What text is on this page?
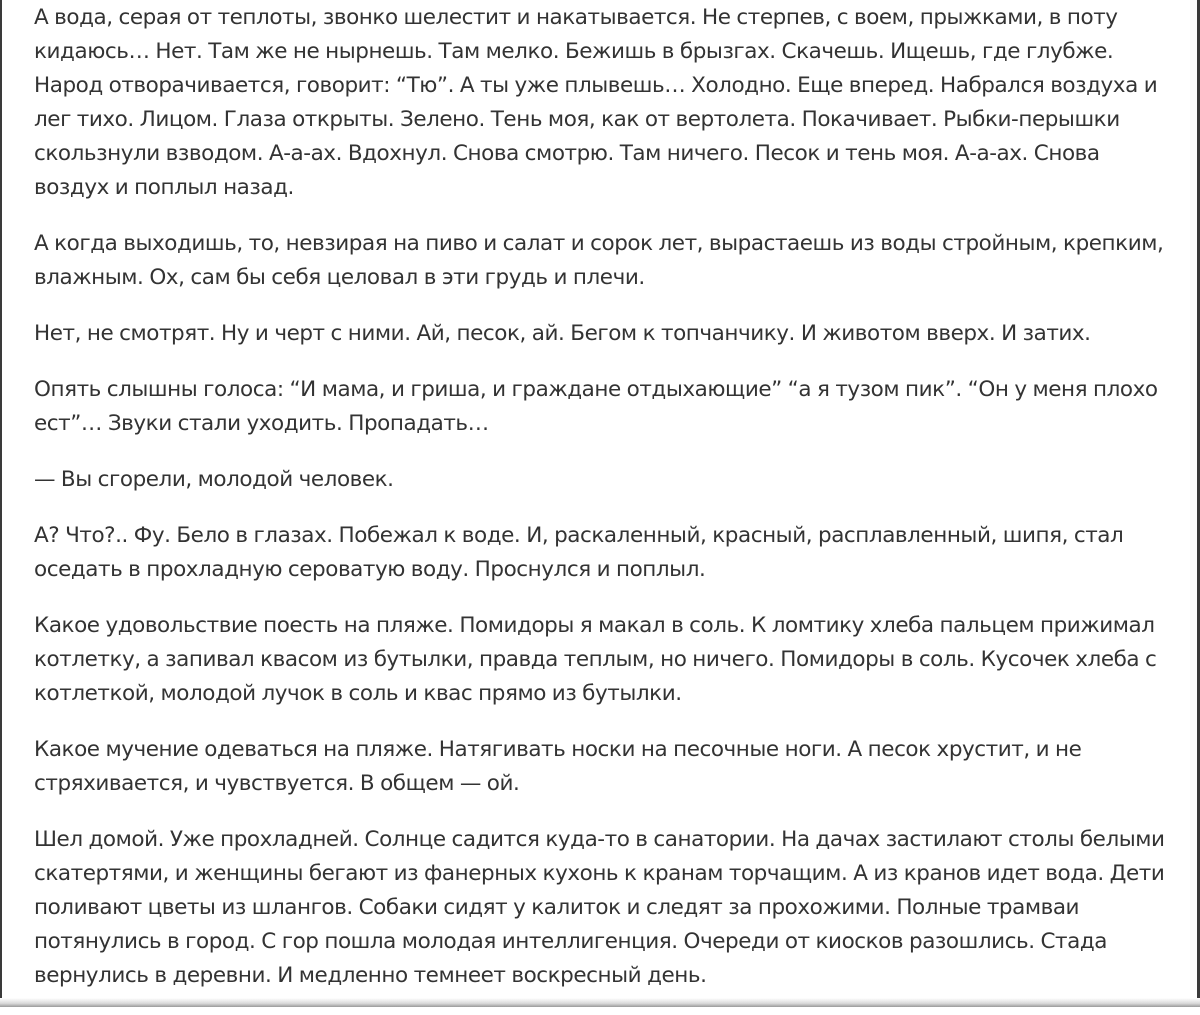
А вода, серая от теплоты, звонко шелестит и накатывается. Не стерпев, с воем, прыжками, в поту кидаюсь… Нет. Там же не нырнешь. Там мелко. Бежишь в брызгах. Скачешь. Ищешь, где глубже. Народ отворачивается, говорит: “Тю”. А ты уже плывешь… Холодно. Еще вперед. Набрался воздуха и лег тихо. Лицом. Глаза открыты. Зелено. Тень моя, как от вертолета. Покачивает. Рыбки-перышки скользнули взводом. А-а-ах. Вдохнул. Снова смотрю. Там ничего. Песок и тень моя. А-а-ах. Снова воздух и поплыл назад.

А когда выходишь, то, невзирая на пиво и салат и сорок лет, вырастаешь из воды стройным, крепким, влажным. Ох, сам бы себя целовал в эти грудь и плечи.

Нет, не смотрят. Ну и черт с ними. Ай, песок, ай. Бегом к топчанчику. И животом вверх. И затих.

Опять слышны голоса: “И мама, и гриша, и граждане отдыхающие” “а я тузом пик”. “Он у меня плохо ест”… Звуки стали уходить. Пропадать…

— Вы сгорели, молодой человек.

А? Что?.. Фу. Бело в глазах. Побежал к воде. И, раскаленный, красный, расплавленный, шипя, стал оседать в прохладную сероватую воду. Проснулся и поплыл.

Какое удовольствие поесть на пляже. Помидоры я макал в соль. К ломтику хлеба пальцем прижимал котлетку, а запивал квасом из бутылки, правда теплым, но ничего. Помидоры в соль. Кусочек хлеба с котлеткой, молодой лучок в соль и квас прямо из бутылки.

Какое мучение одеваться на пляже. Натягивать носки на песочные ноги. А песок хрустит, и не стряхивается, и чувствуется. В общем — ой.

Шел домой. Уже прохладней. Солнце садится куда-то в санатории. На дачах застилают столы белыми скатертями, и женщины бегают из фанерных кухонь к кранам торчащим. А из кранов идет вода. Дети поливают цветы из шлангов. Собаки сидят у калиток и следят за прохожими. Полные трамваи потянулись в город. С гор пошла молодая интеллигенция. Очереди от киосков разошлись. Стада вернулись в деревни. И медленно темнеет воскресный день.
